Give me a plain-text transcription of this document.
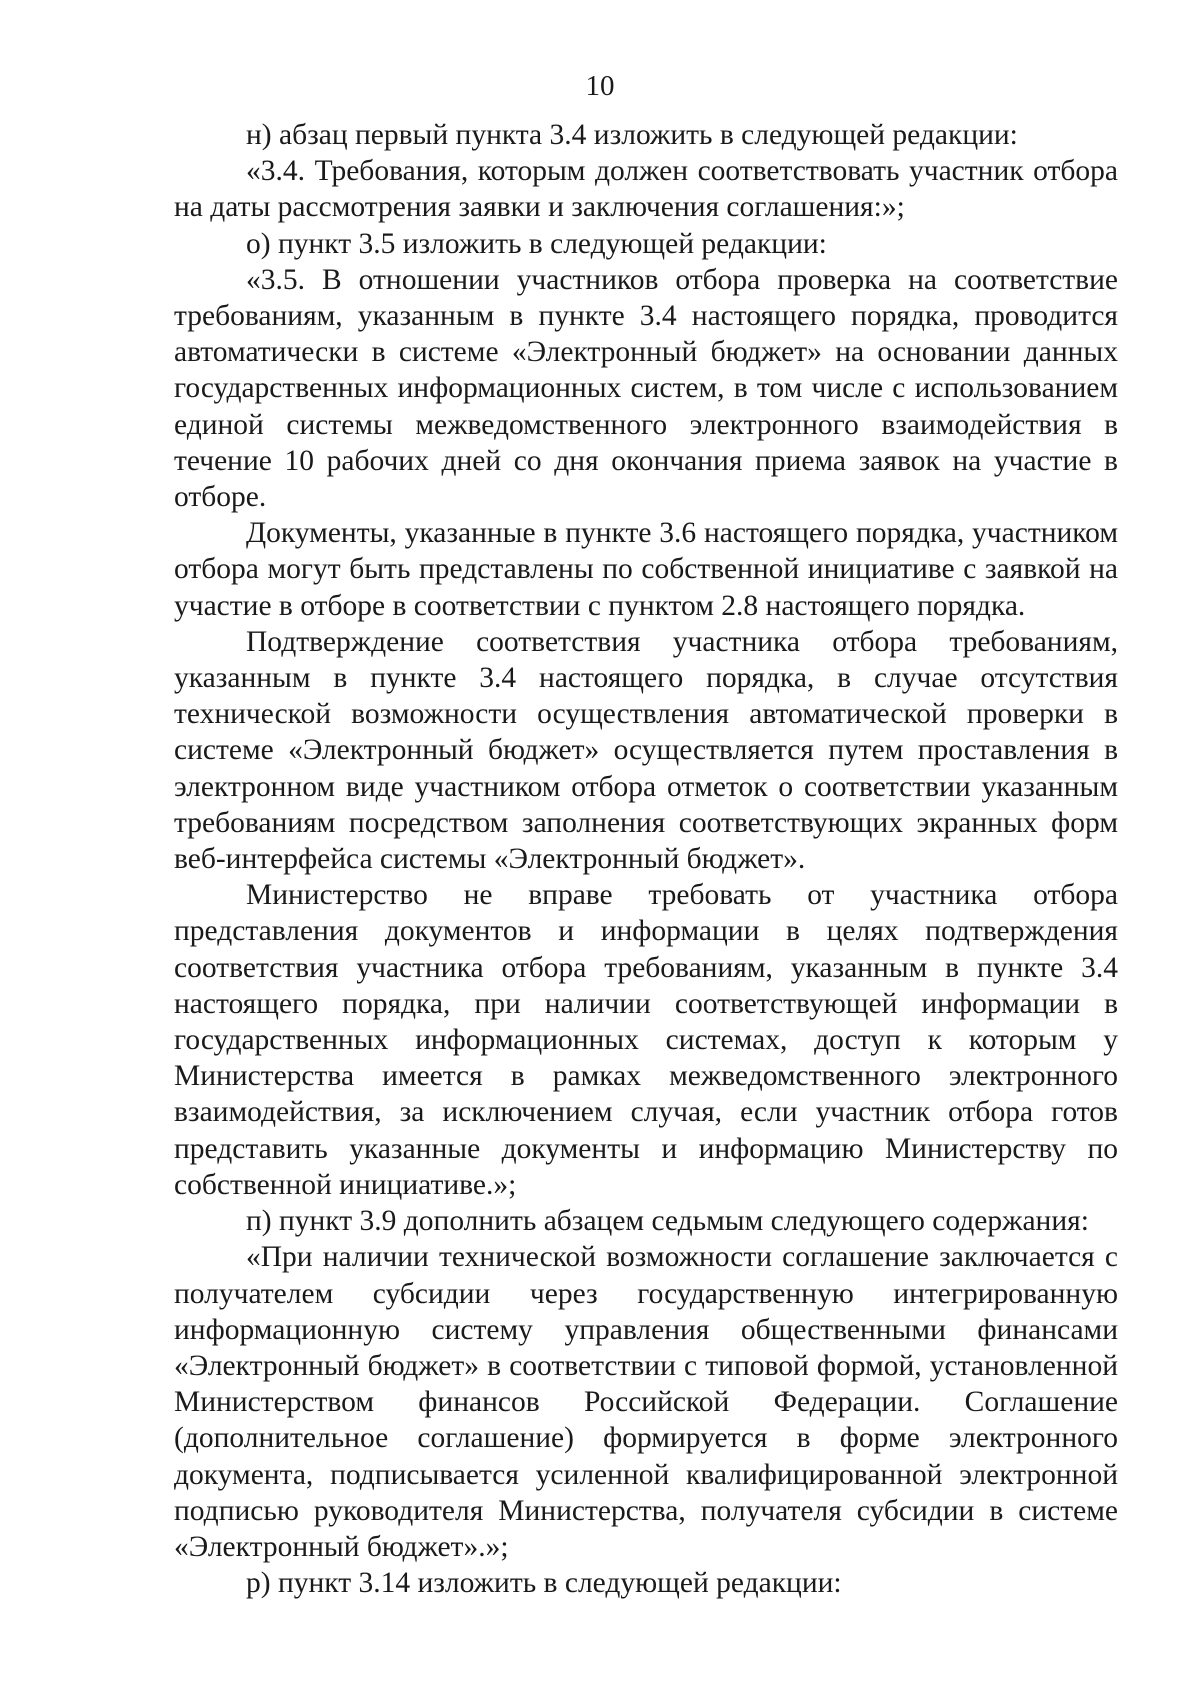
10

н) абзац первый пункта 3.4 изложить в следующей редакции:

«3.4. Требования, которым должен соответствовать участник отбора на даты рассмотрения заявки и заключения соглашения:»;

о) пункт 3.5 изложить в следующей редакции:

«3.5. В отношении участников отбора проверка на соответствие требованиям, указанным в пункте 3.4 настоящего порядка, проводится автоматически в системе «Электронный бюджет» на основании данных государственных информационных систем, в том числе с использованием единой системы межведомственного электронного взаимодействия в течение 10 рабочих дней со дня окончания приема заявок на участие в отборе.

Документы, указанные в пункте 3.6 настоящего порядка, участником отбора могут быть представлены по собственной инициативе с заявкой на участие в отборе в соответствии с пунктом 2.8 настоящего порядка.

Подтверждение соответствия участника отбора требованиям, указанным в пункте 3.4 настоящего порядка, в случае отсутствия технической возможности осуществления автоматической проверки в системе «Электронный бюджет» осуществляется путем проставления в электронном виде участником отбора отметок о соответствии указанным требованиям посредством заполнения соответствующих экранных форм веб-интерфейса системы «Электронный бюджет».

Министерство не вправе требовать от участника отбора представления документов и информации в целях подтверждения соответствия участника отбора требованиям, указанным в пункте 3.4 настоящего порядка, при наличии соответствующей информации в государственных информационных системах, доступ к которым у Министерства имеется в рамках межведомственного электронного взаимодействия, за исключением случая, если участник отбора готов представить указанные документы и информацию Министерству по собственной инициативе.»;

п) пункт 3.9 дополнить абзацем седьмым следующего содержания:

«При наличии технической возможности соглашение заключается с получателем субсидии через государственную интегрированную информационную систему управления общественными финансами «Электронный бюджет» в соответствии с типовой формой, установленной Министерством финансов Российской Федерации. Соглашение (дополнительное соглашение) формируется в форме электронного документа, подписывается усиленной квалифицированной электронной подписью руководителя Министерства, получателя субсидии в системе «Электронный бюджет».»;

р) пункт 3.14 изложить в следующей редакции:
